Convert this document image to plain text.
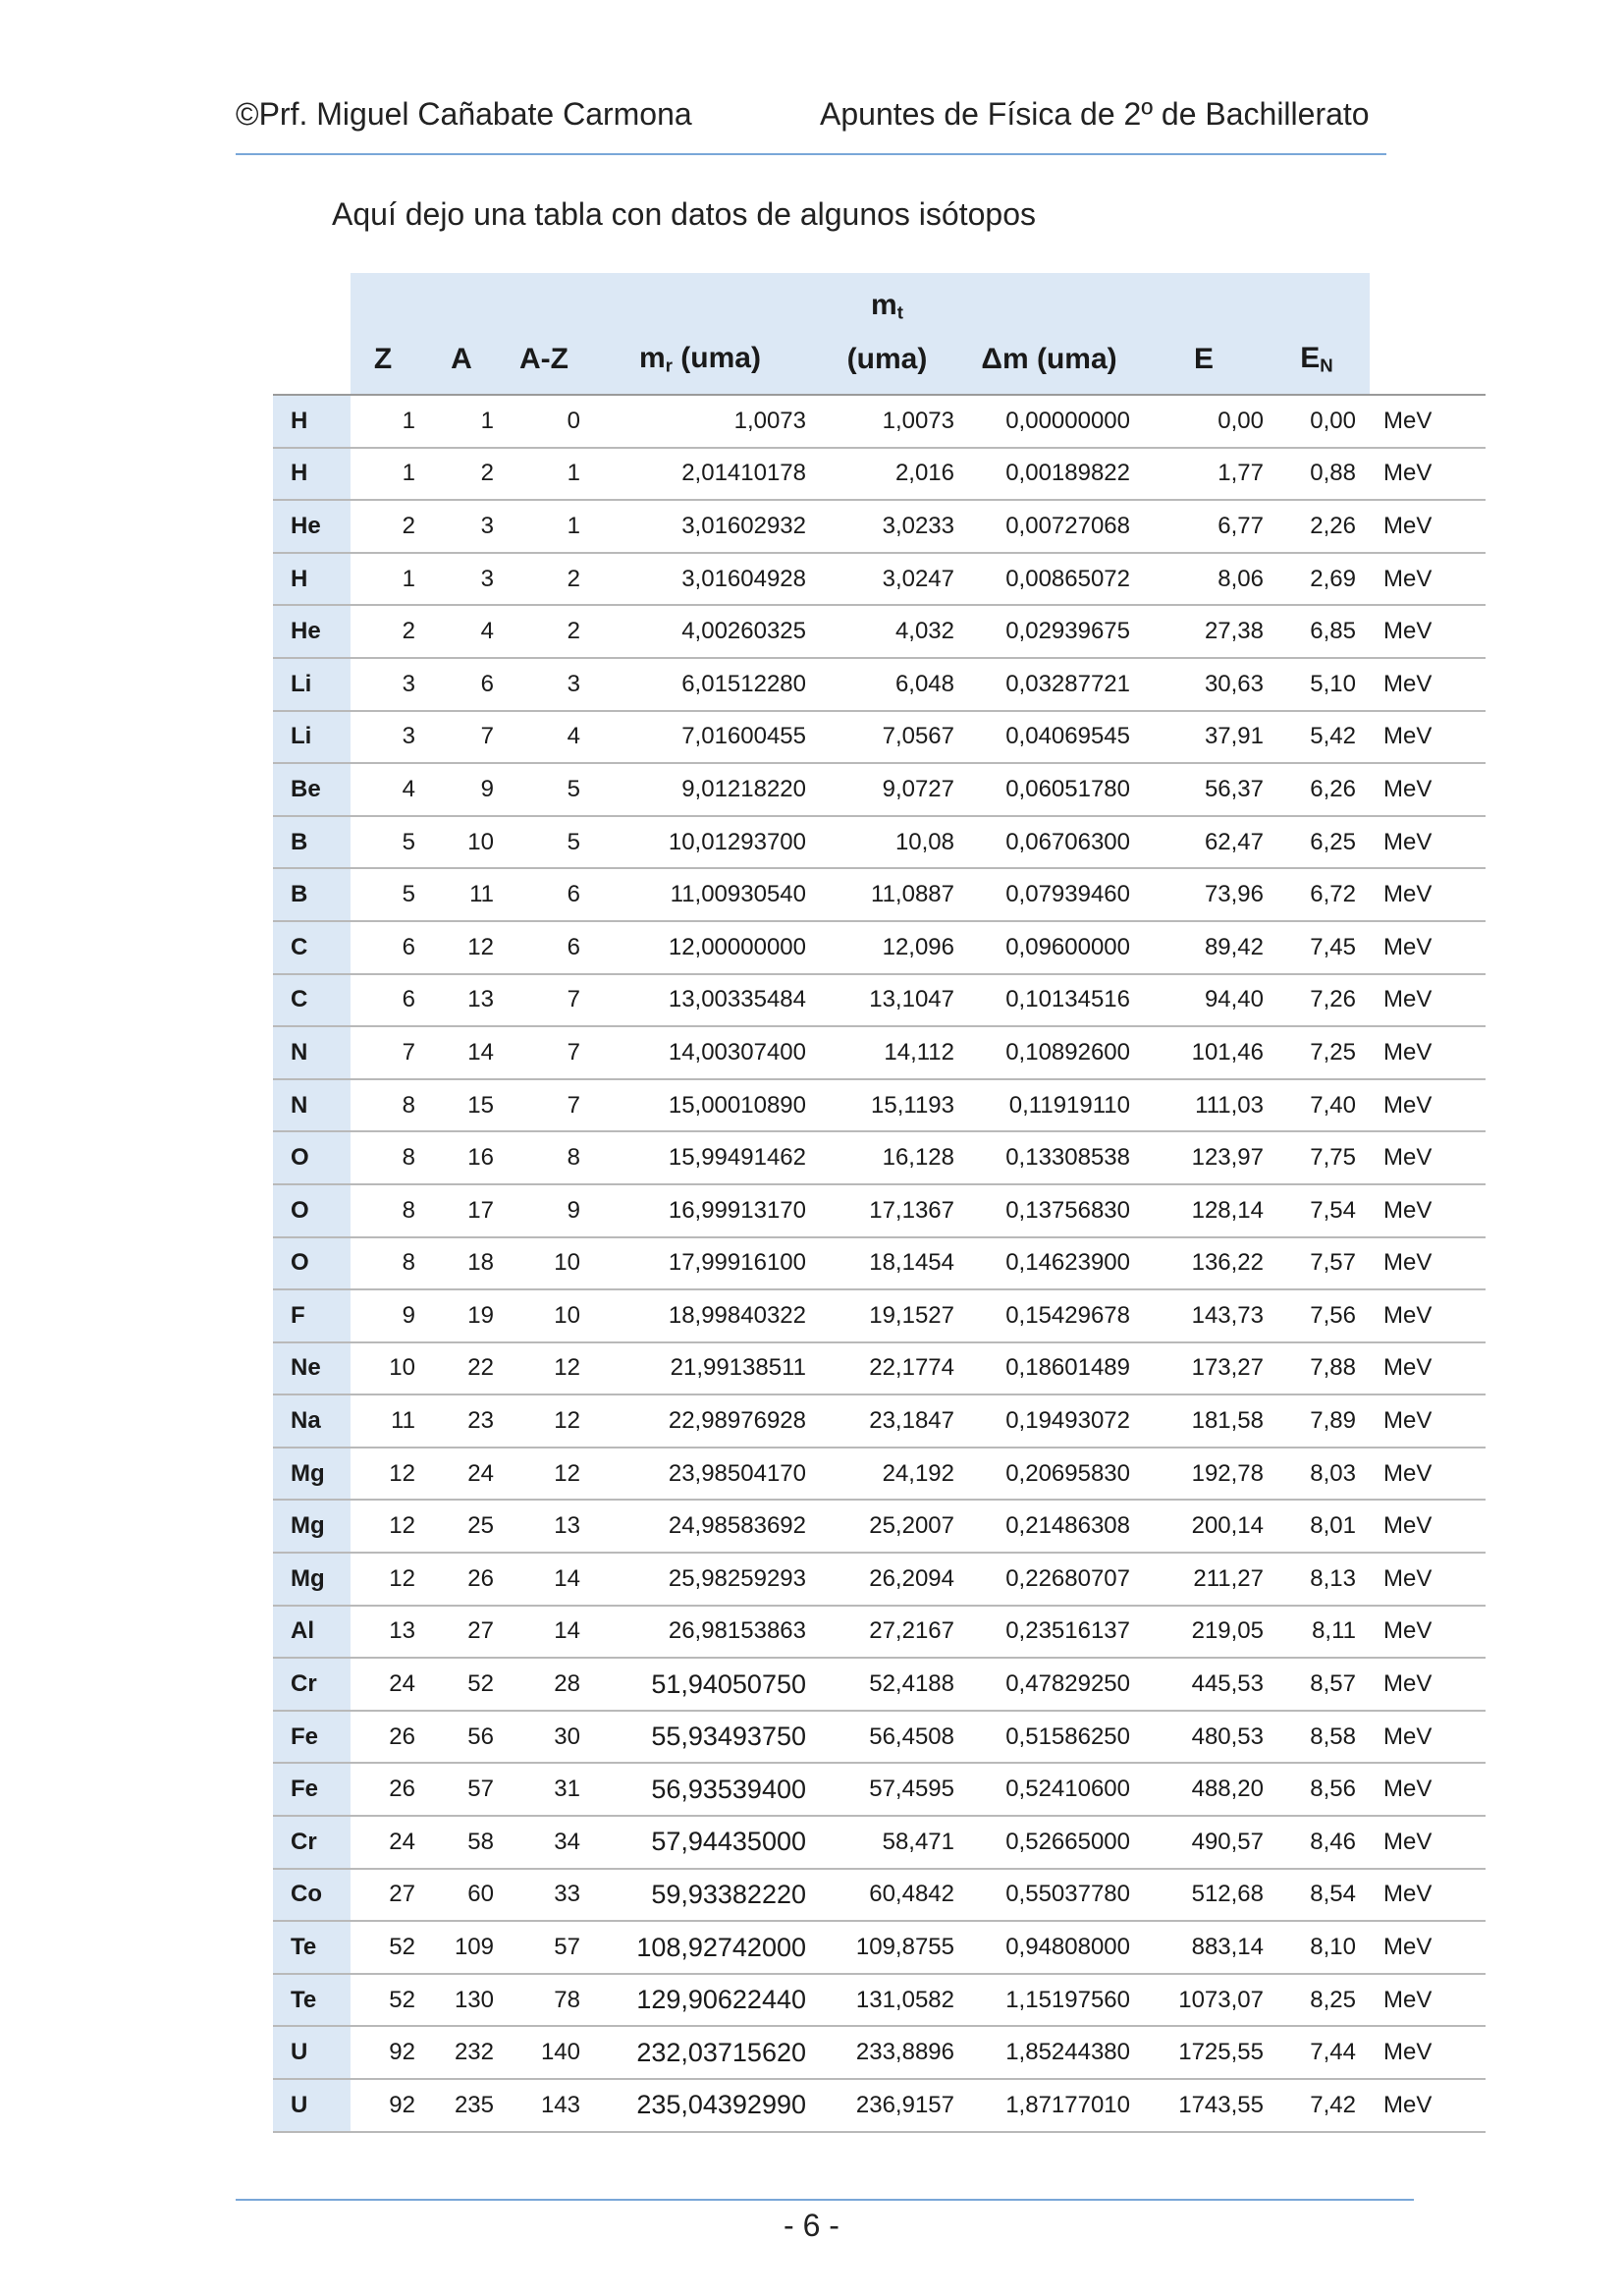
©Prf. Miguel Cañabate Carmona	Apuntes de Física de 2º de Bachillerato
Aquí dejo una tabla con datos de algunos isótopos
					$m_t$				
	Z	A	A-Z	$m_r$ (uma)	(uma)	Δm (uma)	E	$E_N$	
H	1	1	0	1,0073	1,0073	0,00000000	0,00	0,00	MeV
H	1	2	1	2,01410178	2,016	0,00189822	1,77	0,88	MeV
He	2	3	1	3,01602932	3,0233	0,00727068	6,77	2,26	MeV
H	1	3	2	3,01604928	3,0247	0,00865072	8,06	2,69	MeV
He	2	4	2	4,00260325	4,032	0,02939675	27,38	6,85	MeV
Li	3	6	3	6,01512280	6,048	0,03287721	30,63	5,10	MeV
Li	3	7	4	7,01600455	7,0567	0,04069545	37,91	5,42	MeV
Be	4	9	5	9,01218220	9,0727	0,06051780	56,37	6,26	MeV
B	5	10	5	10,01293700	10,08	0,06706300	62,47	6,25	MeV
B	5	11	6	11,00930540	11,0887	0,07939460	73,96	6,72	MeV
C	6	12	6	12,00000000	12,096	0,09600000	89,42	7,45	MeV
C	6	13	7	13,00335484	13,1047	0,10134516	94,40	7,26	MeV
N	7	14	7	14,00307400	14,112	0,10892600	101,46	7,25	MeV
N	8	15	7	15,00010890	15,1193	0,11919110	111,03	7,40	MeV
O	8	16	8	15,99491462	16,128	0,13308538	123,97	7,75	MeV
O	8	17	9	16,99913170	17,1367	0,13756830	128,14	7,54	MeV
O	8	18	10	17,99916100	18,1454	0,14623900	136,22	7,57	MeV
F	9	19	10	18,99840322	19,1527	0,15429678	143,73	7,56	MeV
Ne	10	22	12	21,99138511	22,1774	0,18601489	173,27	7,88	MeV
Na	11	23	12	22,98976928	23,1847	0,19493072	181,58	7,89	MeV
Mg	12	24	12	23,98504170	24,192	0,20695830	192,78	8,03	MeV
Mg	12	25	13	24,98583692	25,2007	0,21486308	200,14	8,01	MeV
Mg	12	26	14	25,98259293	26,2094	0,22680707	211,27	8,13	MeV
Al	13	27	14	26,98153863	27,2167	0,23516137	219,05	8,11	MeV
Cr	24	52	28	51,94050750	52,4188	0,47829250	445,53	8,57	MeV
Fe	26	56	30	55,93493750	56,4508	0,51586250	480,53	8,58	MeV
Fe	26	57	31	56,93539400	57,4595	0,52410600	488,20	8,56	MeV
Cr	24	58	34	57,94435000	58,471	0,52665000	490,57	8,46	MeV
Co	27	60	33	59,93382220	60,4842	0,55037780	512,68	8,54	MeV
Te	52	109	57	108,92742000	109,8755	0,94808000	883,14	8,10	MeV
Te	52	130	78	129,90622440	131,0582	1,15197560	1073,07	8,25	MeV
U	92	232	140	232,03715620	233,8896	1,85244380	1725,55	7,44	MeV
U	92	235	143	235,04392990	236,9157	1,87177010	1743,55	7,42	MeV
- 6 -
